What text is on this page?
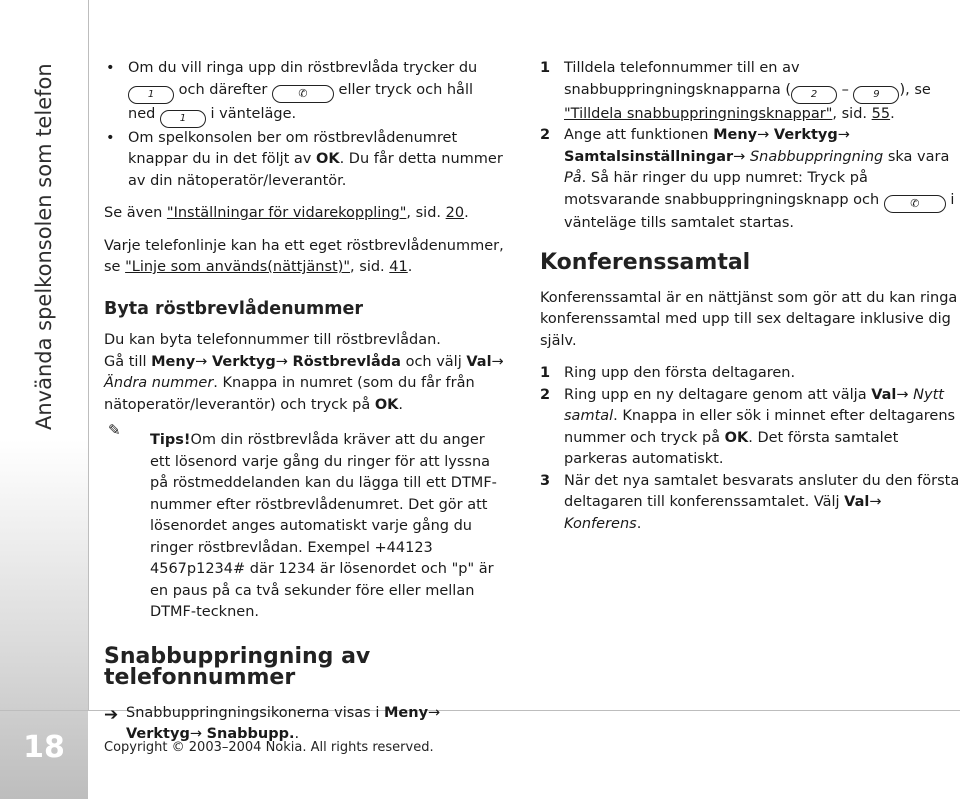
Använda spelkonsolen som telefon
18	Copyright © 2003–2004 Nokia. All rights reserved.

• Om du vill ringa upp din röstbrevlåda trycker du 1 och därefter	✆ eller tryck och håll ned 1 i vänteläge.

• Om spelkonsolen ber om röstbrevlådenumret knappar du in det följt av OK. Du får detta nummer av din nätoperatör/leverantör.

Se även "Inställningar för vidarekoppling", sid. 20.

Varje telefonlinje kan ha ett eget röstbrevlådenummer, se "Linje som används(nättjänst)", sid. 41.

Byta röstbrevlådenummer

Du kan byta telefonnummer till röstbrevlådan.

Gå till Meny→ Verktyg→ Röstbrevlåda och välj Val→ Ändra nummer. Knappa in numret (som du får från nätoperatör/leverantör) och tryck på OK.

✎

Tips!Om din röstbrevlåda kräver att du anger ett lösenord varje gång du ringer för att lyssna på röstmeddelanden kan du lägga till ett DTMF-nummer efter röstbrevlådenumret. Det gör att lösenordet anges automatiskt varje gång du ringer röstbrevlådan. Exempel +44123 4567p1234# där 1234 är lösenordet och "p" är en paus på ca två sekunder före eller mellan DTMF-tecknen.

Snabbuppringning av telefonnummer

➔ Snabbuppringningsikonerna visas i Meny→ Verktyg→ Snabbupp..

1 Tilldela telefonnummer till en av snabbuppringningsknapparna ( 2 – 9 ), se "Tilldela snabbuppringningsknappar", sid. 55.

2 Ange att funktionen Meny→ Verktyg→ Samtalsinställningar→ Snabbuppringning ska vara På. Så här ringer du upp numret: Tryck på motsvarande snabbuppringningsknapp och	✆ i vänteläge tills samtalet startas.

Konferenssamtal

Konferenssamtal är en nättjänst som gör att du kan ringa konferenssamtal med upp till sex deltagare inklusive dig själv.

1 Ring upp den första deltagaren.

2 Ring upp en ny deltagare genom att välja Val→ Nytt samtal. Knappa in eller sök i minnet efter deltagarens nummer och tryck på OK. Det första samtalet parkeras automatiskt.

3 När det nya samtalet besvarats ansluter du den första deltagaren till konferenssamtalet. Välj Val→ Konferens.
